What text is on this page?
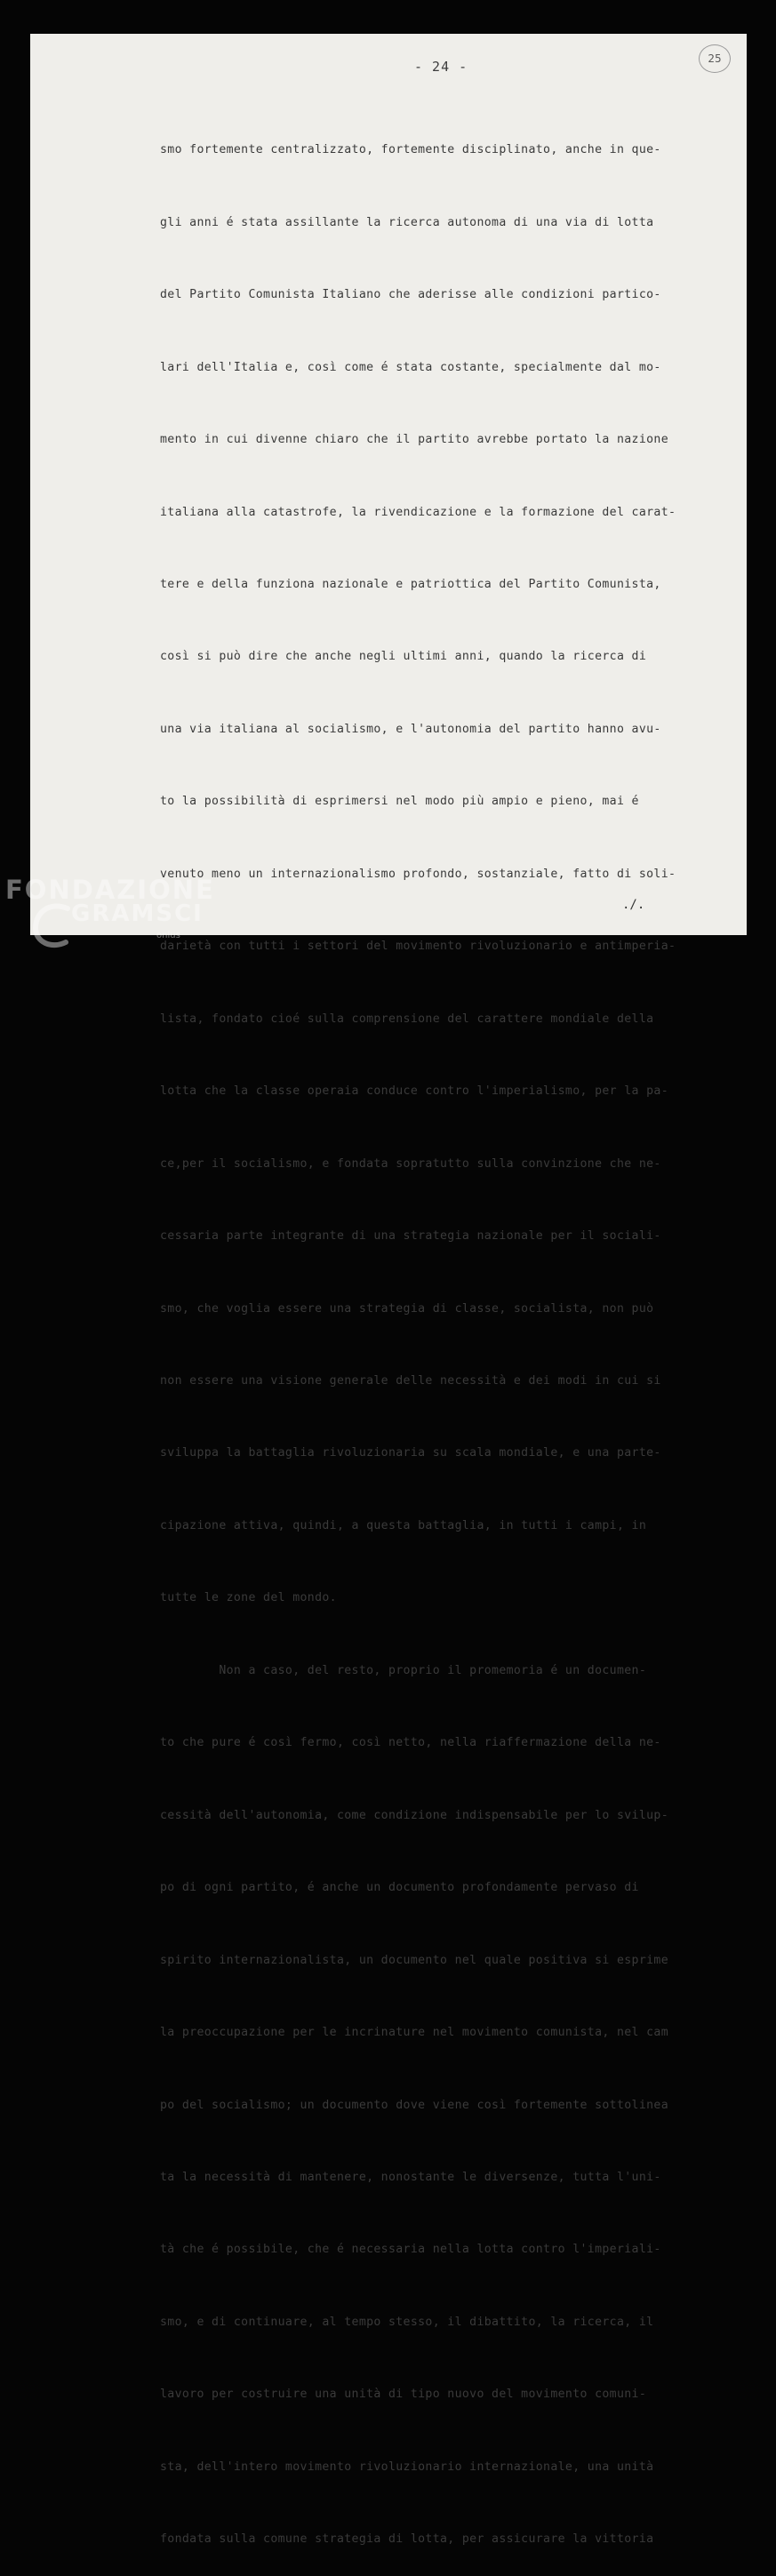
- 24 -	25

smo fortemente centralizzato, fortemente disciplinato, anche in que-

gli anni é stata assillante la ricerca autonoma di una via di lotta

del Partito Comunista Italiano che aderisse alle condizioni partico-

lari dell'Italia e, così come é stata costante, specialmente dal mo-

mento in cui divenne chiaro che il partito avrebbe portato la nazione

italiana alla catastrofe, la rivendicazione e la formazione del carat-

tere e della funziona nazionale e patriottica del Partito Comunista,

così si può dire che anche negli ultimi anni, quando la ricerca di

una via italiana al socialismo, e l'autonomia del partito hanno avu-

to la possibilità di esprimersi nel modo più ampio e pieno, mai é

venuto meno un internazionalismo profondo, sostanziale, fatto di soli-

darietà con tutti i settori del movimento rivoluzionario e antimperia-

lista, fondato cioé sulla comprensione del carattere mondiale della

lotta che la classe operaia conduce contro l'imperialismo, per la pa-

ce,per il socialismo, e fondata sopratutto sulla convinzione che ne-

cessaria parte integrante di una strategia nazionale per il sociali-

smo, che voglia essere una strategia di classe, socialista, non può

non essere una visione generale delle necessità e dei modi in cui si

sviluppa la battaglia rivoluzionaria su scala mondiale, e una parte-

cipazione attiva, quindi, a questa battaglia, in tutti i campi, in

tutte le zone del mondo.

Non a caso, del resto, proprio il promemoria é un documen-

to che pure é così fermo, così netto, nella riaffermazione della ne-

cessità dell'autonomia, come condizione indispensabile per lo svilup-

po di ogni partito, é anche un documento profondamente pervaso di

spirito internazionalista, un documento nel quale positiva si esprime

la preoccupazione per le incrinature nel movimento comunista, nel cam

po del socialismo; un documento dove viene così fortemente sottolinea

ta la necessità di mantenere, nonostante le diversenze, tutta l'uni-

tà che é possibile, che é necessaria nella lotta contro l'imperiali-

smo, e di continuare, al tempo stesso, il dibattito, la ricerca, il

lavoro per costruire una unità di tipo nuovo del movimento comuni-

sta, dell'intero movimento rivoluzionario internazionale, una unità

fondata sulla comune strategia di lotta, per assicurare la vittoria

./.
FONDAZIONE
GRAMSCI
onlus
